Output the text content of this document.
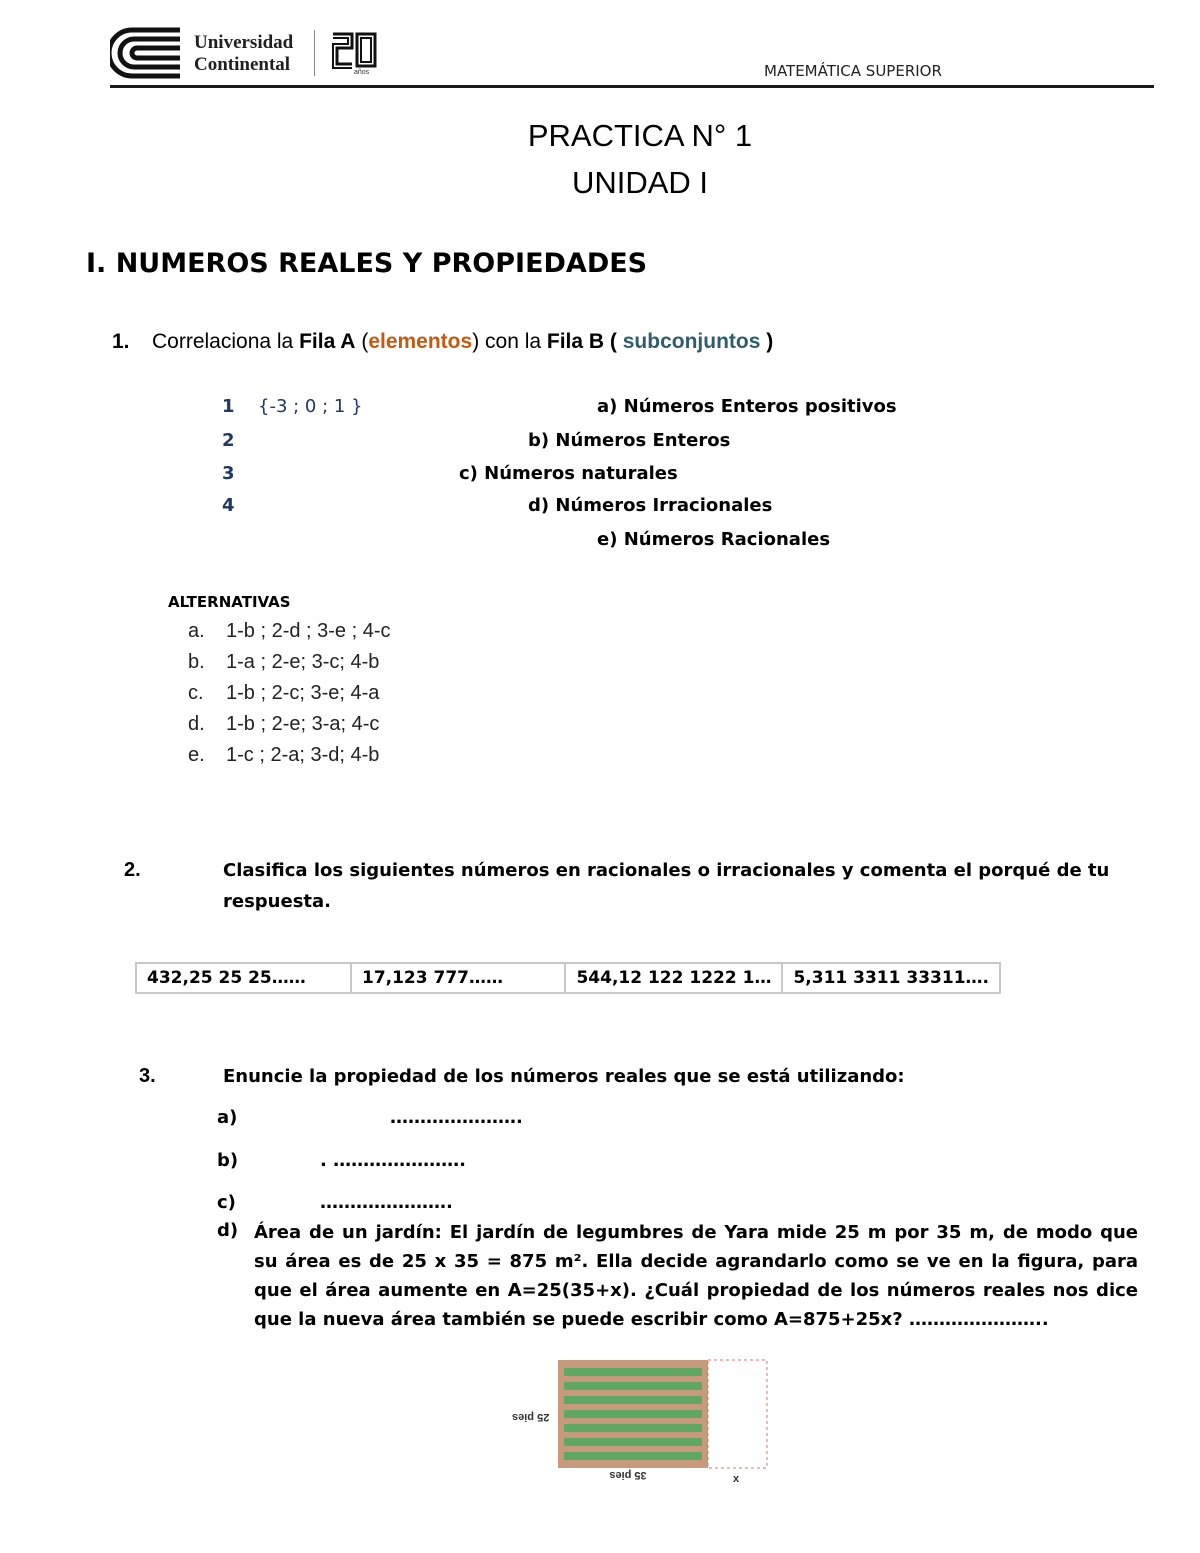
Universidad
Continental	años	MATEMÁTICA SUPERIOR
PRACTICA N° 1
UNIDAD I
I. NUMEROS REALES Y PROPIEDADES
1. Correlaciona la Fila A (elementos) con la Fila B ( subconjuntos )
1 {-3 ; 0 ; 1 }
2
3
4
a) Números Enteros positivos
b) Números Enteros
c) Números naturales
d) Números Irracionales
e) Números Racionales
ALTERNATIVAS
a. 1-b ; 2-d ; 3-e ; 4-c
b. 1-a ; 2-e; 3-c; 4-b
c. 1-b ; 2-c; 3-e; 4-a
d. 1-b ; 2-e; 3-a; 4-c
e. 1-c ; 2-a; 3-d; 4-b
2.	Clasifica los siguientes números en racionales o irracionales y comenta el porqué de tu
respuesta.
432,25 25 25……	17,123 777……	544,12 122 1222 1…	5,311 3311 33311….
3.	Enuncie la propiedad de los números reales que se está utilizando:
a)	………………….
b)	. ………………….
c)	………………….
d) Área de un jardín: El jardín de legumbres de Yara mide 25 m por 35 m, de modo que su área es de 25 x 35 = 875 m². Ella decide agrandarlo como se ve en la figura, para que el área aumente en A=25(35+x). ¿Cuál propiedad de los números reales nos dice que la nueva área también se puede escribir como A=875+25x? …………………..
25 pies
35 pies	x
